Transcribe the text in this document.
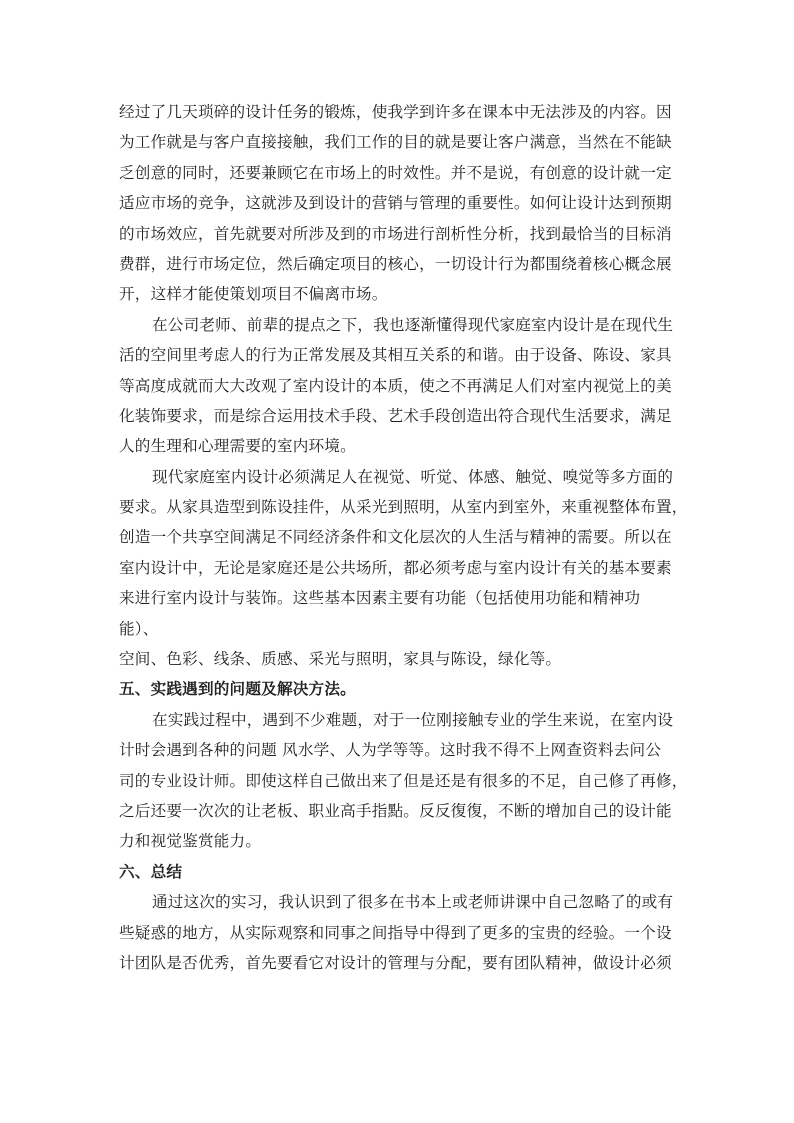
经过了几天琐碎的设计任务的锻炼，使我学到许多在课本中无法涉及的内容。因
为工作就是与客户直接接触，我们工作的目的就是要让客户满意，当然在不能缺
乏创意的同时，还要兼顾它在市场上的时效性。并不是说，有创意的设计就一定
适应市场的竞争，这就涉及到设计的营销与管理的重要性。如何让设计达到预期
的市场效应，首先就要对所涉及到的市场进行剖析性分析，找到最恰当的目标消
费群，进行市场定位，然后确定项目的核心，一切设计行为都围绕着核心概念展
开，这样才能使策划项目不偏离市场。
在公司老师、前辈的提点之下，我也逐渐懂得现代家庭室内设计是在现代生
活的空间里考虑人的行为正常发展及其相互关系的和谐。由于设备、陈设、家具
等高度成就而大大改观了室内设计的本质，使之不再满足人们对室内视觉上的美
化装饰要求，而是综合运用技术手段、艺术手段创造出符合现代生活要求，满足
人的生理和心理需要的室内环境。
现代家庭室内设计必须满足人在视觉、听觉、体感、触觉、嗅觉等多方面的
要求。从家具造型到陈设挂件，从采光到照明，从室内到室外，来重视整体布置，
创造一个共享空间满足不同经济条件和文化层次的人生活与精神的需要。所以在
室内设计中，无论是家庭还是公共场所，都必须考虑与室内设计有关的基本要素
来进行室内设计与装饰。这些基本因素主要有功能（包括使用功能和精神功
能）、
空间、色彩、线条、质感、采光与照明，家具与陈设，绿化等。
五、实践遇到的问题及解决方法。
在实践过程中，遇到不少难题，对于一位刚接触专业的学生来说，在室内设
计时会遇到各种的问题 风水学、人为学等等。这时我不得不上网查资料去问公
司的专业设计师。即使这样自己做出来了但是还是有很多的不足，自己修了再修，
之后还要一次次的让老板、职业高手指點。反反復復，不断的增加自己的设计能
力和视觉鉴赏能力。
六、总结
通过这次的实习，我认识到了很多在书本上或老师讲课中自己忽略了的或有
些疑惑的地方，从实际观察和同事之间指导中得到了更多的宝贵的经验。一个设
计团队是否优秀，首先要看它对设计的管理与分配，要有团队精神，做设计必须
